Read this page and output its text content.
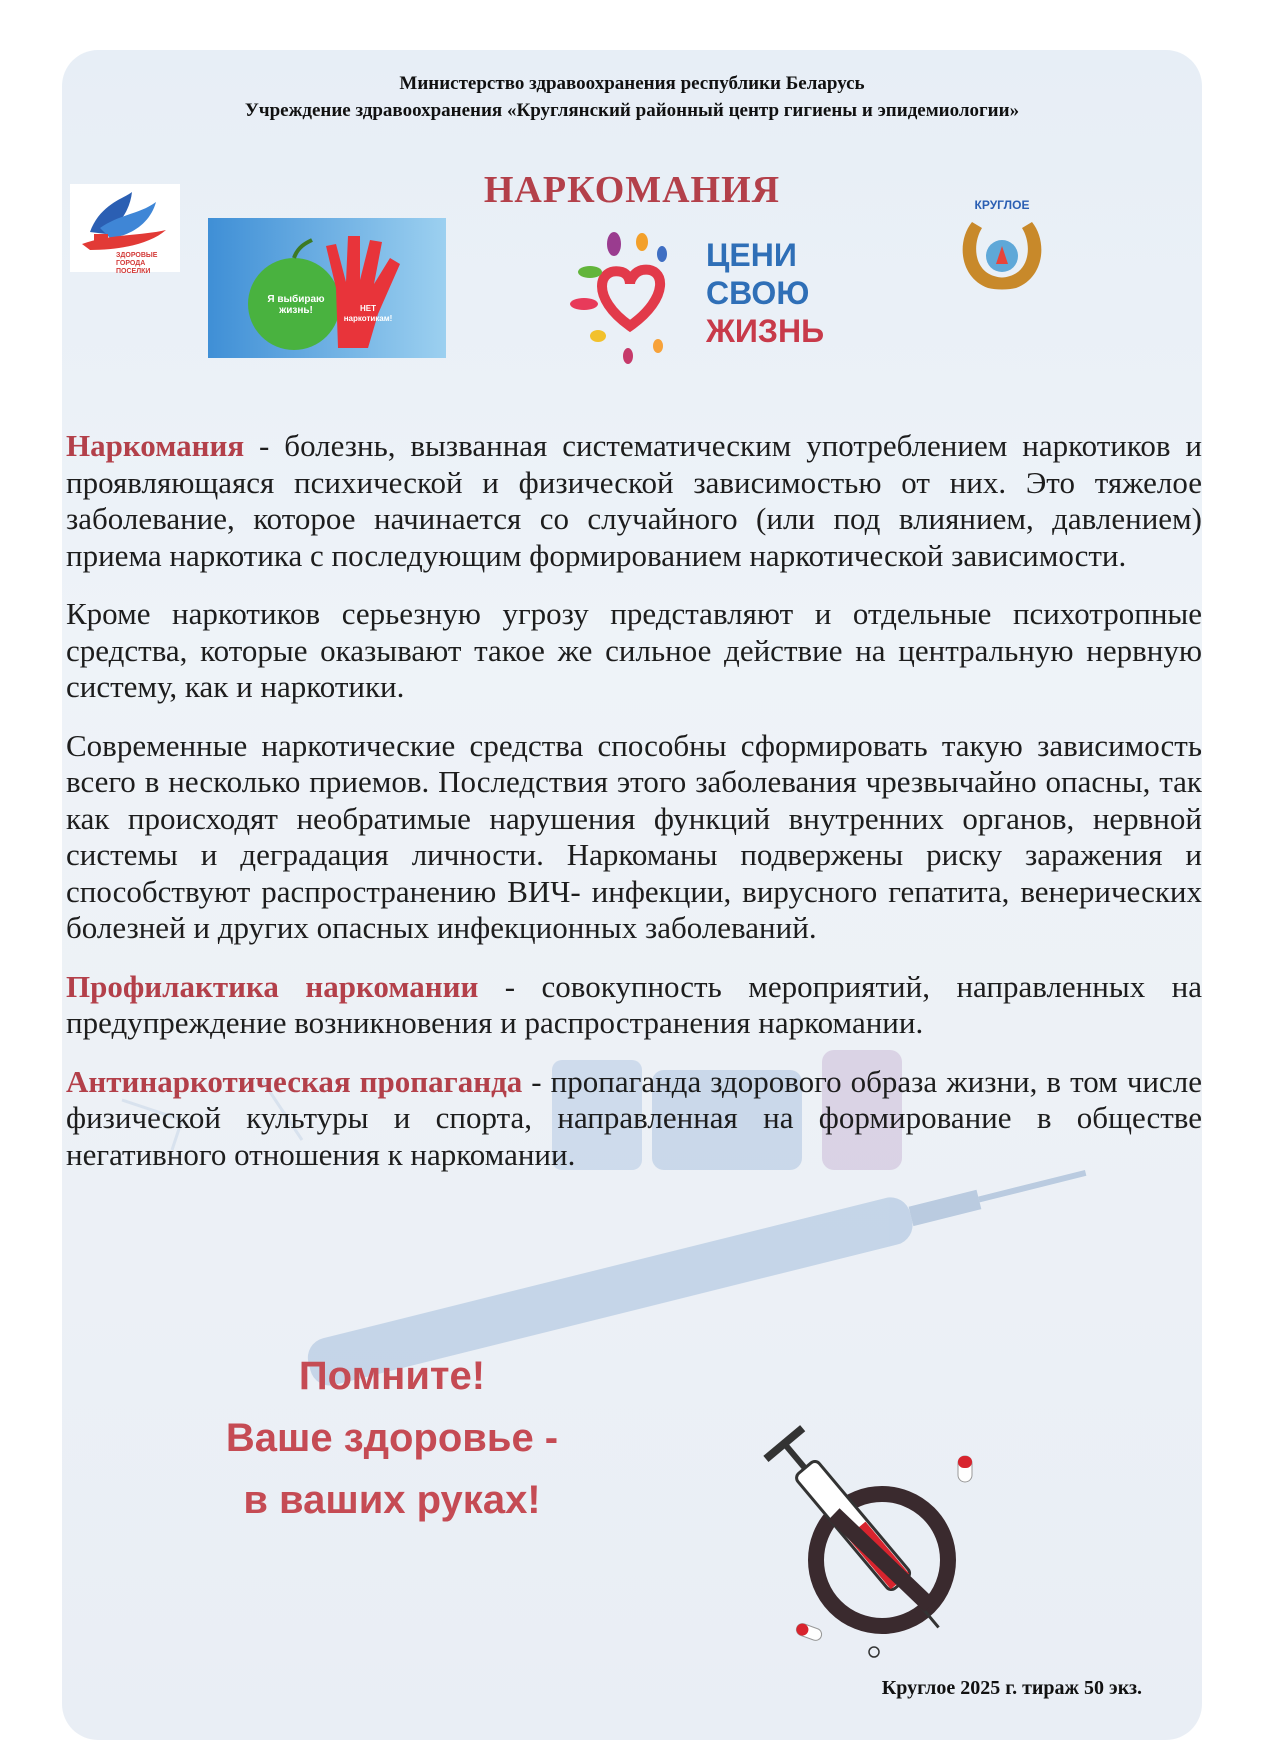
Министерство здравоохранения республики Беларусь
Учреждение здравоохранения «Круглянский районный центр гигиены и эпидемиологии»
НАРКОМАНИЯ
ЗДОРОВЫЕ ГОРОДА ПОСЕЛКИ
Я выбираю жизнь!	НЕТ наркотикам!
ЦЕНИ
СВОЮ
ЖИЗНЬ
КРУГЛОЕ

Наркомания - болезнь, вызванная систематическим употреблением наркотиков и проявляющаяся психической и физической зависимостью от них. Это тяжелое заболевание, которое начинается со случайного (или под влиянием, давлением) приема наркотика с последующим формированием наркотической зависимости.

Кроме наркотиков серьезную угрозу представляют и отдельные психотропные средства, которые оказывают такое же сильное действие на центральную нервную систему, как и наркотики.

Современные наркотические средства способны сформировать такую зависимость всего в несколько приемов. Последствия этого заболевания чрезвычайно опасны, так как происходят необратимые нарушения функций внутренних органов, нервной системы и деградация личности. Наркоманы подвержены риску заражения и способствуют распространению ВИЧ- инфекции, вирусного гепатита, венерических болезней и других опасных инфекционных заболеваний.

Профилактика наркомании - совокупность мероприятий, направленных на предупреждение возникновения и распространения наркомании.

Антинаркотическая пропаганда - пропаганда здорового образа жизни, в том числе физической культуры и спорта, направленная на формирование в обществе негативного отношения к наркомании.

Помните!
Ваше здоровье -
в ваших руках!
Круглое 2025 г. тираж 50 экз.
